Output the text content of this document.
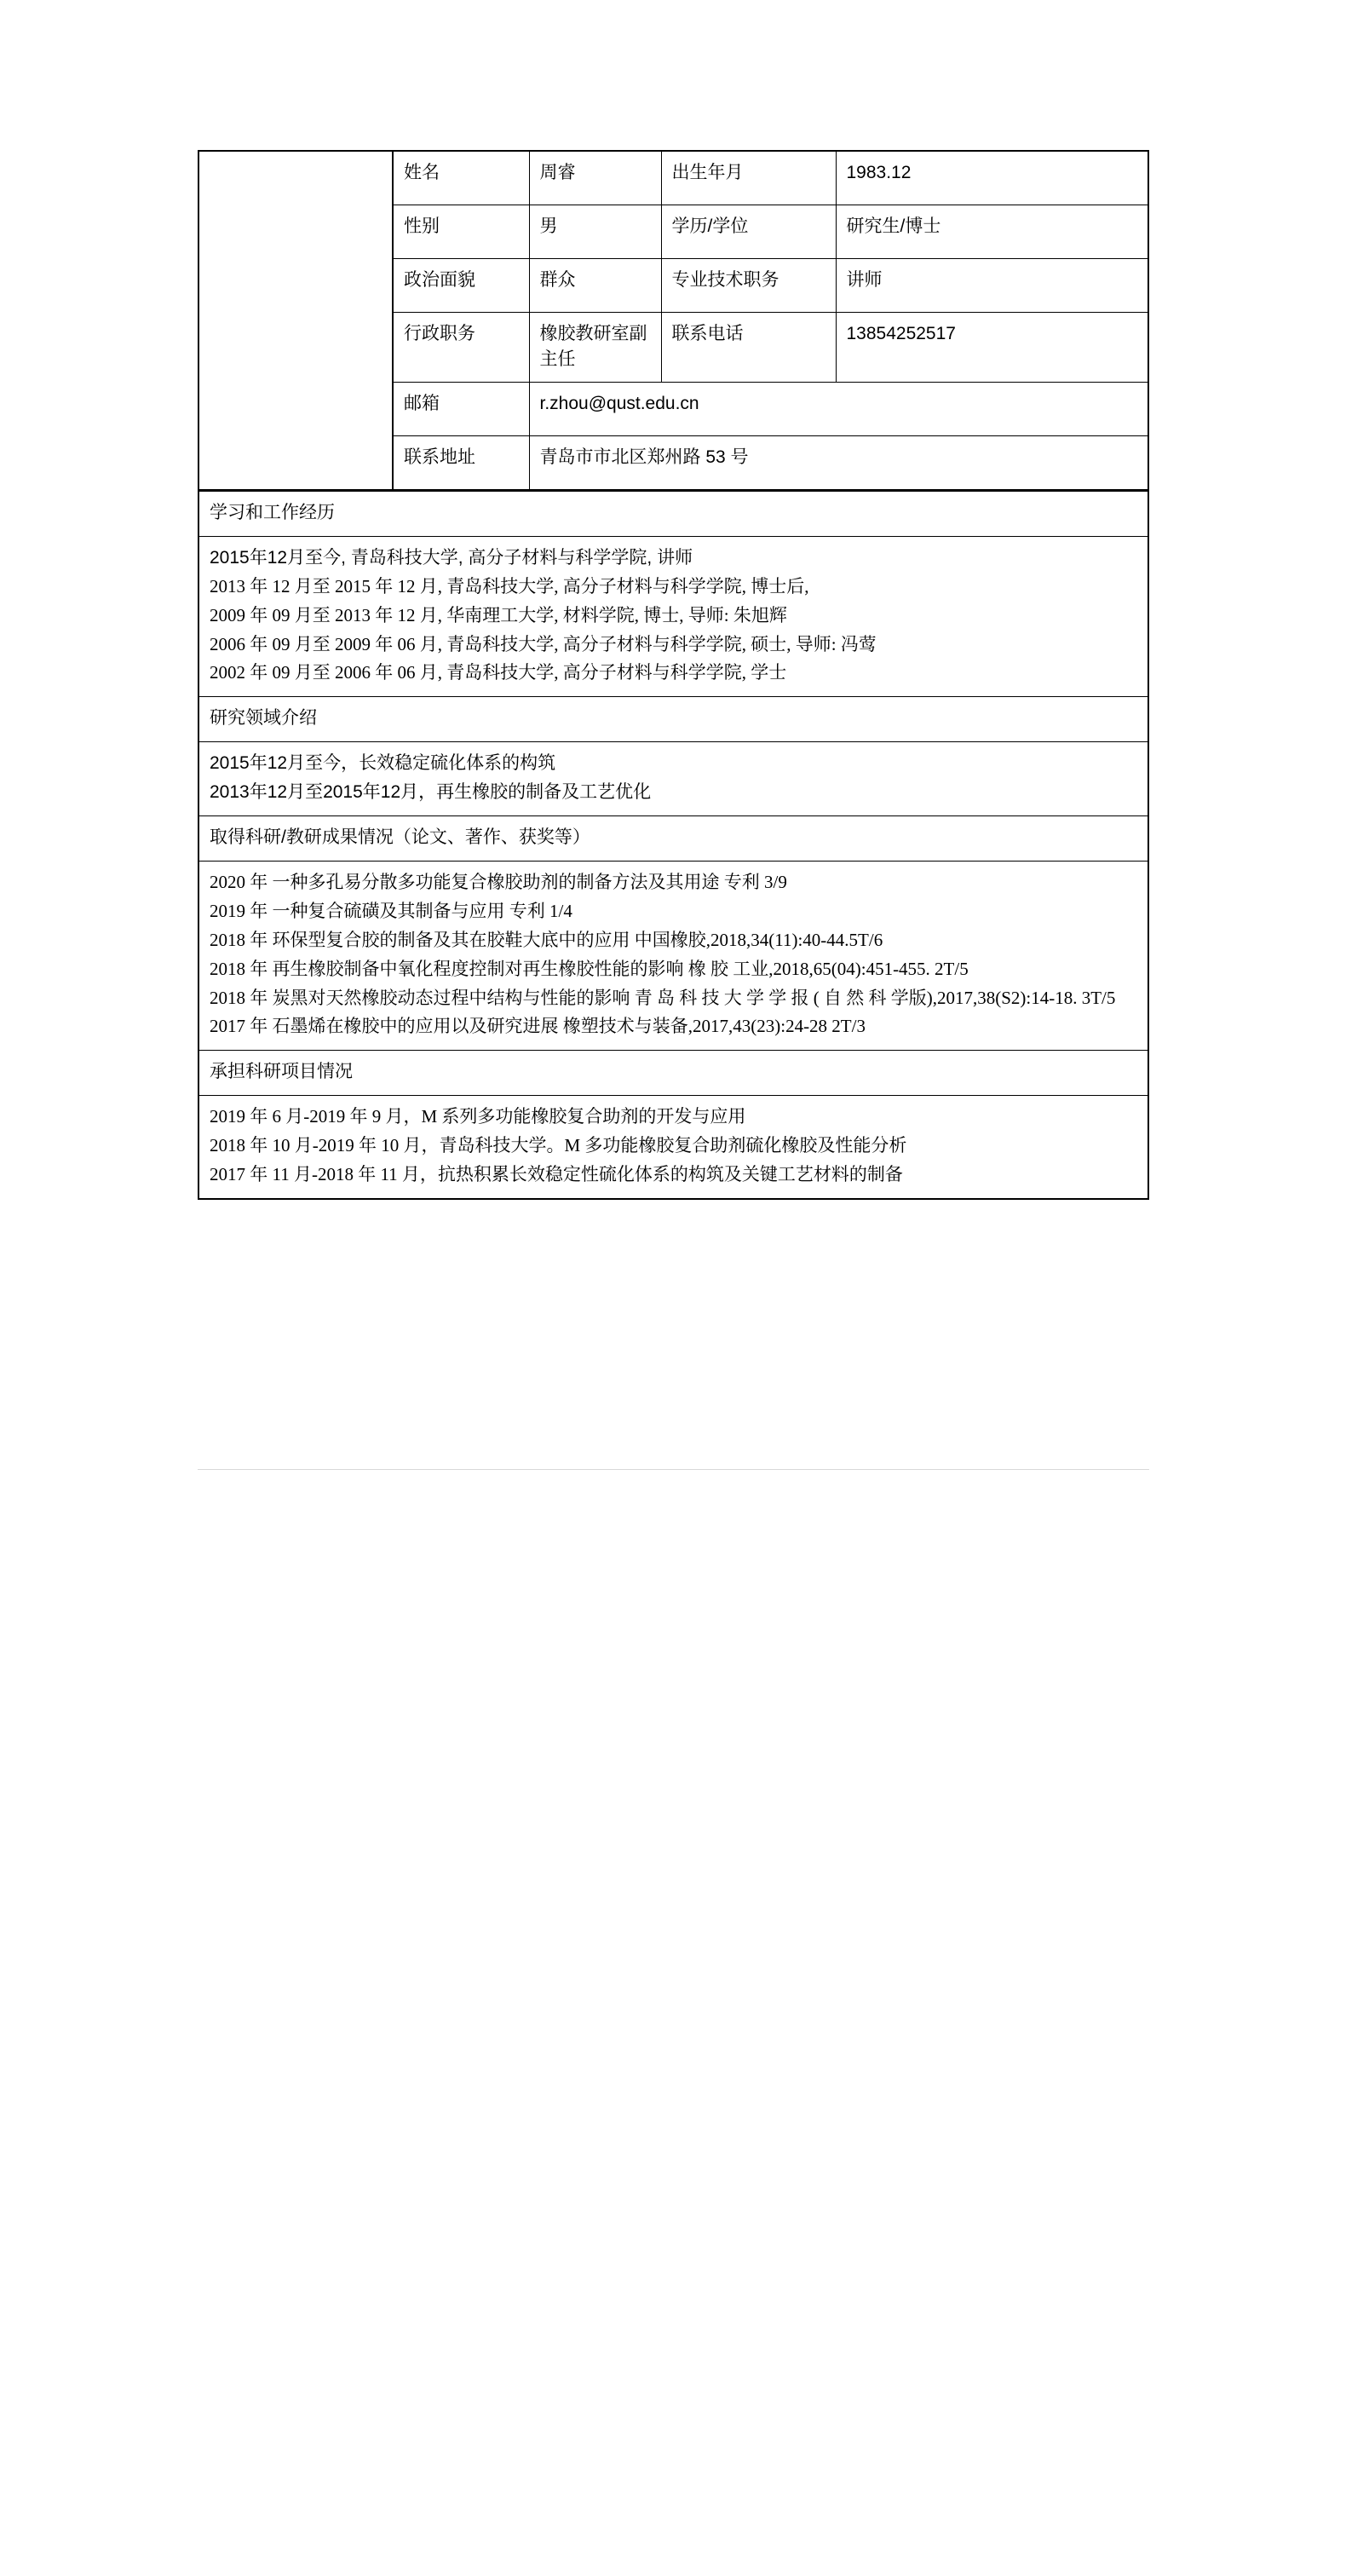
	姓名	周睿	出生年月	1983.12
	性别	男	学历/学位	研究生/博士
	政治面貌	群众	专业技术职务	讲师
	行政职务	橡胶教研室副主任	联系电话	13854252517
	邮箱	r.zhou@qust.edu.cn		
	联系地址	青岛市市北区郑州路 53 号		
学习和工作经历

2015年12月至今, 青岛科技大学, 高分子材料与科学学院, 讲师

2013 年 12 月至 2015 年 12 月, 青岛科技大学, 高分子材料与科学学院, 博士后,

2009 年 09 月至 2013 年 12 月, 华南理工大学, 材料学院, 博士, 导师: 朱旭辉

2006 年 09 月至 2009 年 06 月, 青岛科技大学, 高分子材料与科学学院, 硕士, 导师: 冯莺

2002 年 09 月至 2006 年 06 月, 青岛科技大学, 高分子材料与科学学院, 学士

研究领域介绍

2015年12月至今，长效稳定硫化体系的构筑

2013年12月至2015年12月，再生橡胶的制备及工艺优化

取得科研/教研成果情况（论文、著作、获奖等）

2020 年 一种多孔易分散多功能复合橡胶助剂的制备方法及其用途 专利 3/9

2019 年 一种复合硫磺及其制备与应用 专利 1/4

2018 年 环保型复合胶的制备及其在胶鞋大底中的应用 中国橡胶,2018,34(11):40-44.5T/6

2018 年 再生橡胶制备中氧化程度控制对再生橡胶性能的影响 橡 胶 工业,2018,65(04):451-455. 2T/5

2018 年 炭黑对天然橡胶动态过程中结构与性能的影响 青 岛 科 技 大 学 学 报 ( 自 然 科 学版),2017,38(S2):14-18. 3T/5

2017 年 石墨烯在橡胶中的应用以及研究进展 橡塑技术与装备,2017,43(23):24-28 2T/3

承担科研项目情况

2019 年 6 月-2019 年 9 月，M 系列多功能橡胶复合助剂的开发与应用

2018 年 10 月-2019 年 10 月，青岛科技大学。M 多功能橡胶复合助剂硫化橡胶及性能分析

2017 年 11 月-2018 年 11 月，抗热积累长效稳定性硫化体系的构筑及关键工艺材料的制备
